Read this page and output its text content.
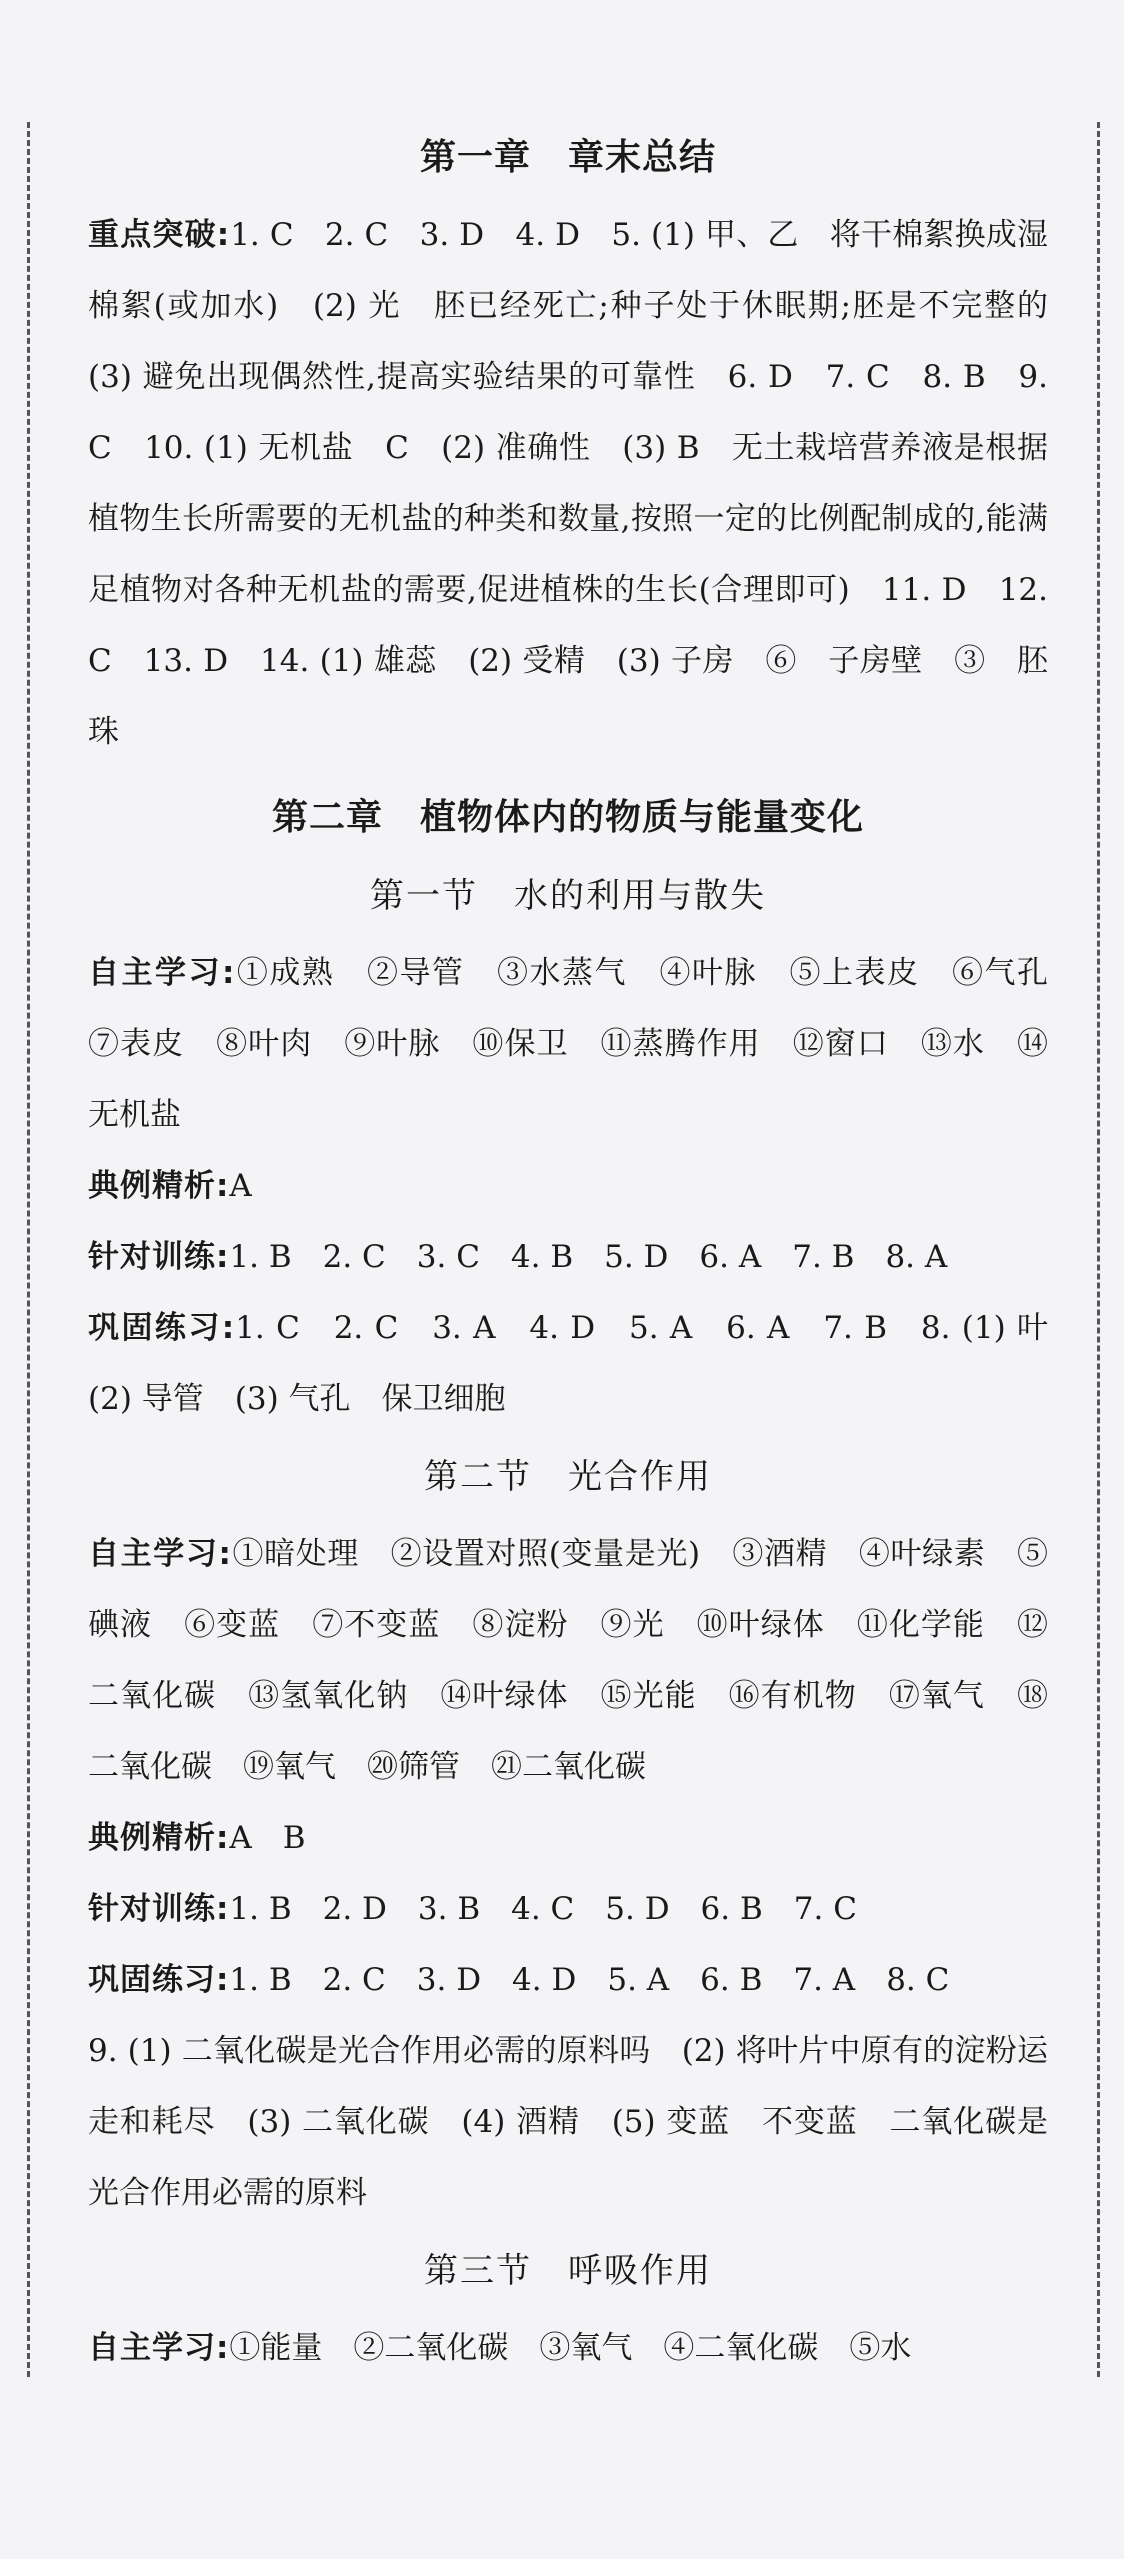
第一章　章末总结

重点突破:1. C　2. C　3. D　4. D　5. (1) 甲、乙　将干棉絮换成湿棉絮(或加水)　(2) 光　胚已经死亡;种子处于休眠期;胚是不完整的　(3) 避免出现偶然性,提高实验结果的可靠性　6. D　7. C　8. B　9. C　10. (1) 无机盐　C　(2) 准确性　(3) B　无土栽培营养液是根据植物生长所需要的无机盐的种类和数量,按照一定的比例配制成的,能满足植物对各种无机盐的需要,促进植株的生长(合理即可)　11. D　12. C　13. D　14. (1) 雄蕊　(2) 受精　(3) 子房　⑥　子房壁　③　胚珠

第二章　植物体内的物质与能量变化
第一节　水的利用与散失

自主学习:①成熟　②导管　③水蒸气　④叶脉　⑤上表皮　⑥气孔　⑦表皮　⑧叶肉　⑨叶脉　⑩保卫　⑪蒸腾作用　⑫窗口　⑬水　⑭无机盐

典例精析:A

针对训练:1. B　2. C　3. C　4. B　5. D　6. A　7. B　8. A

巩固练习:1. C　2. C　3. A　4. D　5. A　6. A　7. B　8. (1) 叶　(2) 导管　(3) 气孔　保卫细胞

第二节　光合作用

自主学习:①暗处理　②设置对照(变量是光)　③酒精　④叶绿素　⑤碘液　⑥变蓝　⑦不变蓝　⑧淀粉　⑨光　⑩叶绿体　⑪化学能　⑫二氧化碳　⑬氢氧化钠　⑭叶绿体　⑮光能　⑯有机物　⑰氧气　⑱二氧化碳　⑲氧气　⑳筛管　㉑二氧化碳

典例精析:A　B

针对训练:1. B　2. D　3. B　4. C　5. D　6. B　7. C

巩固练习:1. B　2. C　3. D　4. D　5. A　6. B　7. A　8. C

9. (1) 二氧化碳是光合作用必需的原料吗　(2) 将叶片中原有的淀粉运走和耗尽　(3) 二氧化碳　(4) 酒精　(5) 变蓝　不变蓝　二氧化碳是光合作用必需的原料

第三节　呼吸作用

自主学习:①能量　②二氧化碳　③氧气　④二氧化碳　⑤水
